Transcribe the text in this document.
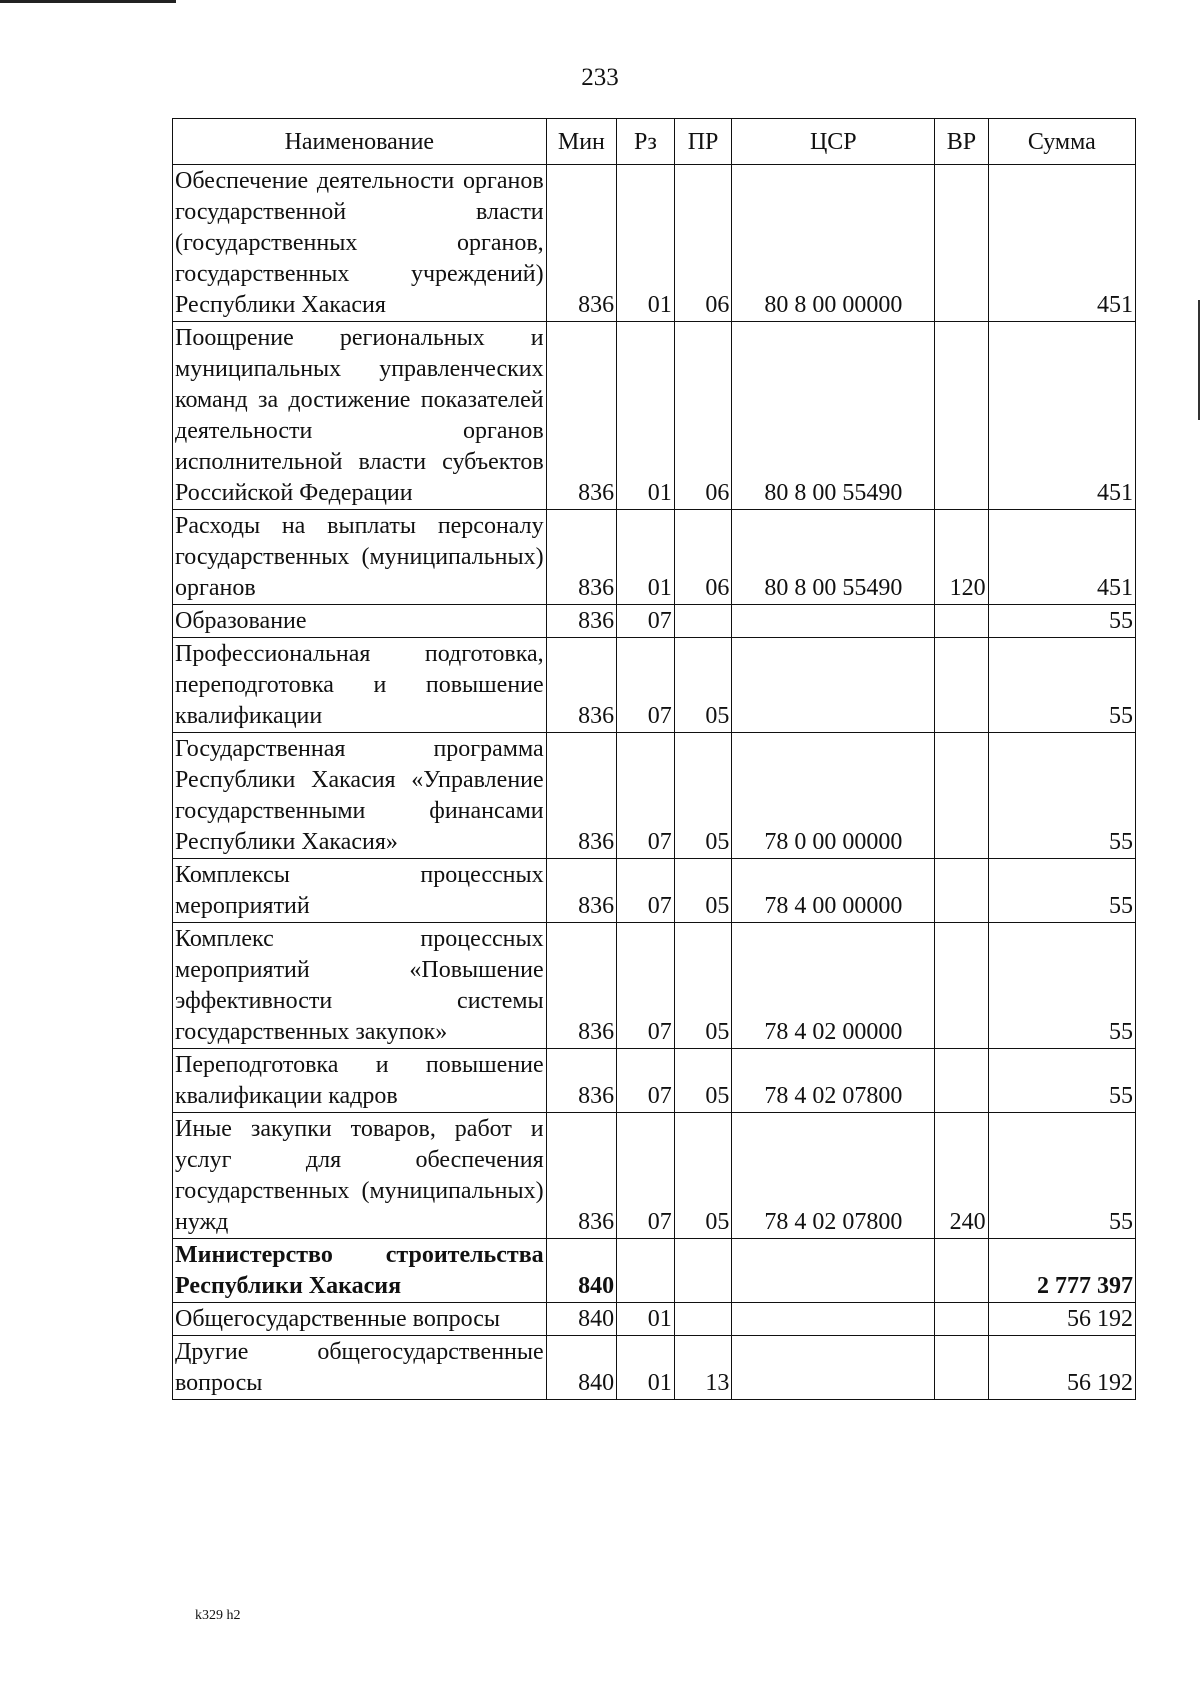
233
Наименование	Мин	Рз	ПР	ЦСР	ВР	Сумма
Обеспечение деятельности органов государственной власти (государственных органов, государственных учреждений) Республики Хакасия	836	01	06	80 8 00 00000		451
Поощрение региональных и муниципальных управленческих команд за достижение показателей деятельности органов исполнительной власти субъектов Российской Федерации	836	01	06	80 8 00 55490		451
Расходы на выплаты персоналу государственных (муниципальных) органов	836	01	06	80 8 00 55490	120	451
Образование	836	07				55
Профессиональная подготовка, переподготовка и повышение квалификации	836	07	05			55
Государственная программа Республики Хакасия «Управление государственными финансами Республики Хакасия»	836	07	05	78 0 00 00000		55
Комплексы процессных мероприятий	836	07	05	78 4 00 00000		55
Комплекс процессных мероприятий «Повышение эффективности системы государственных закупок»	836	07	05	78 4 02 00000		55
Переподготовка и повышение квалификации кадров	836	07	05	78 4 02 07800		55
Иные закупки товаров, работ и услуг для обеспечения государственных (муниципальных) нужд	836	07	05	78 4 02 07800	240	55
Министерство строительства Республики Хакасия	840					2 777 397
Общегосударственные вопросы	840	01				56 192
Другие общегосударственные вопросы	840	01	13			56 192
k329 h2
